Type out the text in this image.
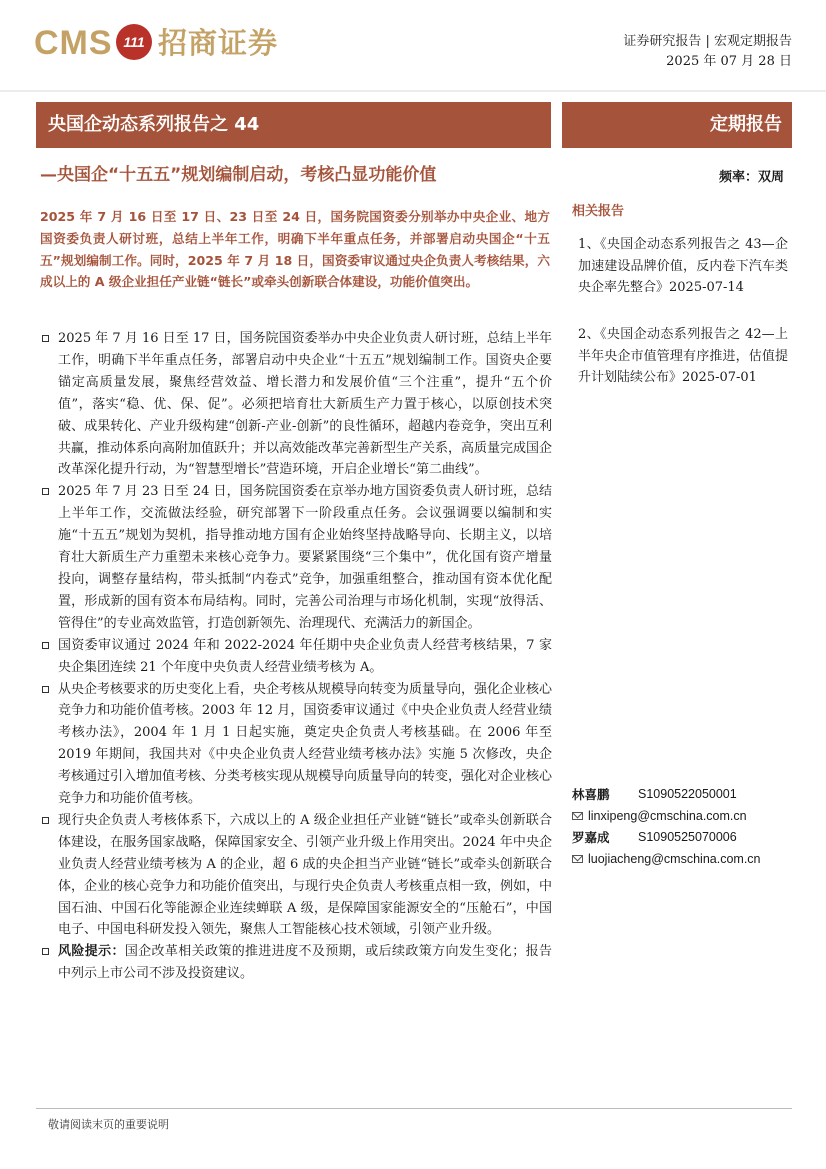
CMS 111 招商证券	证券研究报告 | 宏观定期报告
2025 年 07 月 28 日
央国企动态系列报告之 44	定期报告
—央国企“十五五”规划编制启动，考核凸显功能价值	频率：双周
2025 年 7 月 16 日至 17 日、23 日至 24 日，国务院国资委分别举办中央企业、地方国资委负责人研讨班，总结上半年工作，明确下半年重点任务，并部署启动央国企“十五五”规划编制工作。同时，2025 年 7 月 18 日，国资委审议通过央企负责人考核结果，六成以上的 A 级企业担任产业链“链长”或牵头创新联合体建设，功能价值突出。
2025 年 7 月 16 日至 17 日，国务院国资委举办中央企业负责人研讨班，总结上半年工作，明确下半年重点任务，部署启动中央企业“十五五”规划编制工作。国资央企要锚定高质量发展，聚焦经营效益、增长潜力和发展价值“三个注重”，提升“五个价值”，落实“稳、优、保、促”。必须把培育壮大新质生产力置于核心，以原创技术突破、成果转化、产业升级构建“创新-产业-创新”的良性循环，超越内卷竞争，突出互利共赢，推动体系向高附加值跃升；并以高效能改革完善新型生产关系，高质量完成国企改革深化提升行动，为“智慧型增长”营造环境，开启企业增长“第二曲线”。
2025 年 7 月 23 日至 24 日，国务院国资委在京举办地方国资委负责人研讨班，总结上半年工作，交流做法经验，研究部署下一阶段重点任务。会议强调要以编制和实施“十五五”规划为契机，指导推动地方国有企业始终坚持战略导向、长期主义，以培育壮大新质生产力重塑未来核心竞争力。要紧紧围绕“三个集中”，优化国有资产增量投向，调整存量结构，带头抵制“内卷式”竞争，加强重组整合，推动国有资本优化配置，形成新的国有资本布局结构。同时，完善公司治理与市场化机制，实现“放得活、管得住”的专业高效监管，打造创新领先、治理现代、充满活力的新国企。
国资委审议通过 2024 年和 2022-2024 年任期中央企业负责人经营考核结果，7 家央企集团连续 21 个年度中央负责人经营业绩考核为 A。
从央企考核要求的历史变化上看，央企考核从规模导向转变为质量导向，强化企业核心竞争力和功能价值考核。2003 年 12 月，国资委审议通过《中央企业负责人经营业绩考核办法》，2004 年 1 月 1 日起实施，奠定央企负责人考核基础。在 2006 年至 2019 年期间，我国共对《中央企业负责人经营业绩考核办法》实施 5 次修改，央企考核通过引入增加值考核、分类考核实现从规模导向质量导向的转变，强化对企业核心竞争力和功能价值考核。
现行央企负责人考核体系下，六成以上的 A 级企业担任产业链“链长”或牵头创新联合体建设，在服务国家战略，保障国家安全、引领产业升级上作用突出。2024 年中央企业负责人经营业绩考核为 A 的企业，超 6 成的央企担当产业链“链长”或牵头创新联合体，企业的核心竞争力和功能价值突出，与现行央企负责人考核重点相一致，例如，中国石油、中国石化等能源企业连续蝉联 A 级，是保障国家能源安全的“压舱石”，中国电子、中国电科研发投入领先，聚焦人工智能核心技术领域，引领产业升级。
风险提示：国企改革相关政策的推进进度不及预期，或后续政策方向发生变化；报告中列示上市公司不涉及投资建议。
相关报告
1、《央国企动态系列报告之 43—企加速建设品牌价值，反内卷下汽车类央企率先整合》2025-07-14
2、《央国企动态系列报告之 42—上半年央企市值管理有序推进，估值提升计划陆续公布》2025-07-01
林喜鹏	S1090522050001
linxipeng@cmschina.com.cn
罗嘉成	S1090525070006
luojiacheng@cmschina.com.cn
敬请阅读末页的重要说明
